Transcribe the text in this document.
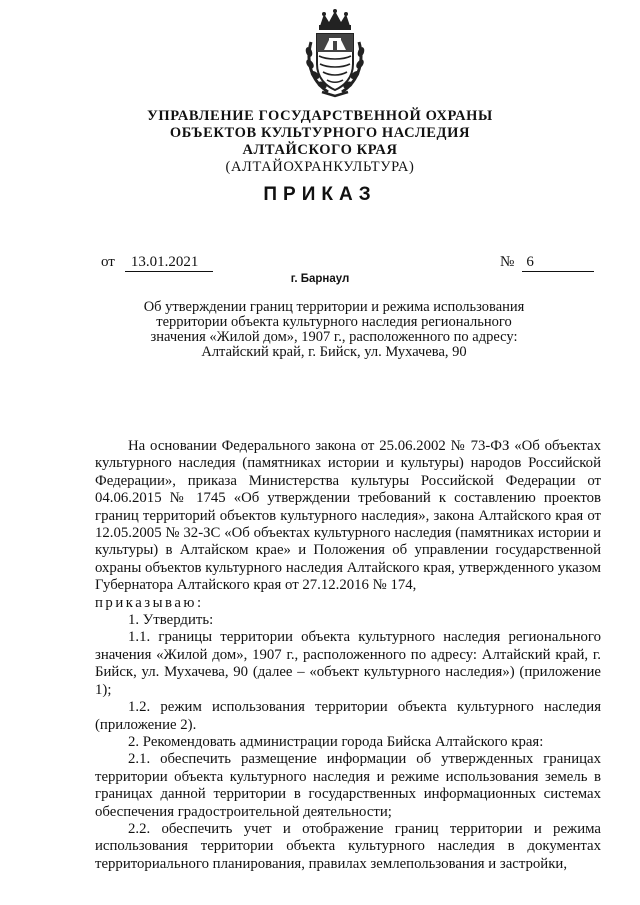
УПРАВЛЕНИЕ ГОСУДАРСТВЕННОЙ ОХРАНЫ
ОБЪЕКТОВ КУЛЬТУРНОГО НАСЛЕДИЯ
АЛТАЙСКОГО КРАЯ
(АЛТАЙОХРАНКУЛЬТУРА)
ПРИКАЗ
от 13.01.2021	№ 6
г. Барнаул
Об утверждении границ территории и режима использования
территории объекта культурного наследия регионального
значения «Жилой дом», 1907 г., расположенного по адресу:
Алтайский край, г. Бийск, ул. Мухачева, 90

На основании Федерального закона от 25.06.2002 № 73-ФЗ «Об объектах культурного наследия (памятниках истории и культуры) народов Российской Федерации», приказа Министерства культуры Российской Федерации от 04.06.2015 № 1745 «Об утверждении требований к составлению проектов границ территорий объектов культурного наследия», закона Алтайского края от 12.05.2005 № 32-ЗС «Об объектах культурного наследия (памятниках истории и культуры) в Алтайском крае» и Положения об управлении государственной охраны объектов культурного наследия Алтайского края, утвержденного указом Губернатора Алтайского края от 27.12.2016 № 174,

приказываю:

1. Утвердить:

1.1. границы территории объекта культурного наследия регионального значения «Жилой дом», 1907 г., расположенного по адресу: Алтайский край, г. Бийск, ул. Мухачева, 90 (далее – «объект культурного наследия») (приложение 1);

1.2. режим использования территории объекта культурного наследия (приложение 2).

2. Рекомендовать администрации города Бийска Алтайского края:

2.1. обеспечить размещение информации об утвержденных границах территории объекта культурного наследия и режиме использования земель в границах данной территории в государственных информационных системах обеспечения градостроительной деятельности;

2.2. обеспечить учет и отображение границ территории и режима использования территории объекта культурного наследия в документах территориального планирования, правилах землепользования и застройки,
